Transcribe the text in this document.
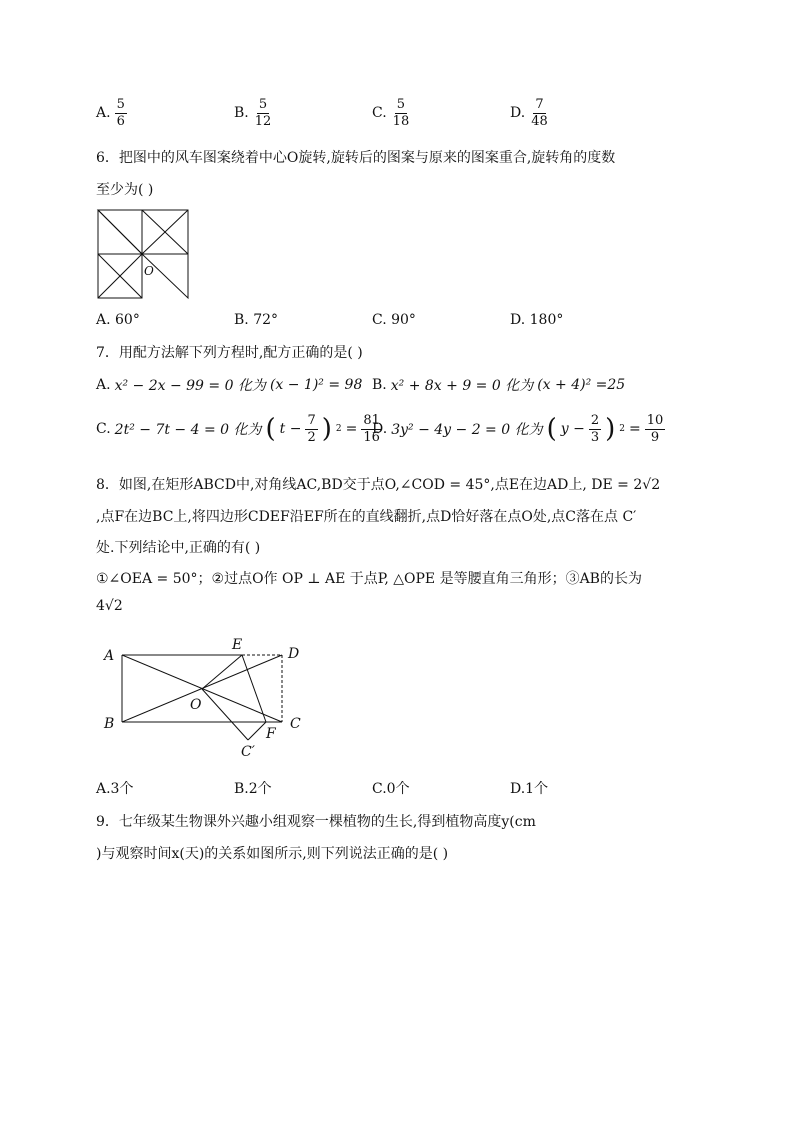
A. $\frac{5}{6}$	B. $\frac{5}{12}$	C. $\frac{5}{18}$	D. $\frac{7}{48}$
6．把图中的风车图案绕着中心O旋转,旋转后的图案与原来的图案重合,旋转角的度数
至少为( )
O
A. 60°	B. 72°	C. 90°	D. 180°
7．用配方法解下列方程时,配方正确的是( )
A. x² − 2x − 99 = 0 化为 (x − 1)² = 98 B. x² + 8x + 9 = 0 化为 (x + 4)² =25
C. 2t² − 7t − 4 = 0 化为 ( $t - \frac{7}{2}$ ) $2 = \frac{81}{16}$
D. 3y² − 4y − 2 = 0 化为 ( $y - \frac{2}{3}$ ) $2 = \frac{10}{9}$
8．如图,在矩形ABCD中,对角线AC,BD交于点O,∠COD = 45°,点E在边AD上, DE = 2√2
,点F在边BC上,将四边形CDEF沿EF所在的直线翻折,点D恰好落在点O处,点C落在点 C′
处.下列结论中,正确的有( )
①∠OEA = 50°；②过点O作 OP ⊥ AE 于点P, △OPE 是等腰直角三角形；③AB的长为
4√2
A
B	C
D
E
F
O
C′
A.3个	B.2个	C.0个	D.1个
9．七年级某生物课外兴趣小组观察一棵植物的生长,得到植物高度y(cm
)与观察时间x(天)的关系如图所示,则下列说法正确的是( )
